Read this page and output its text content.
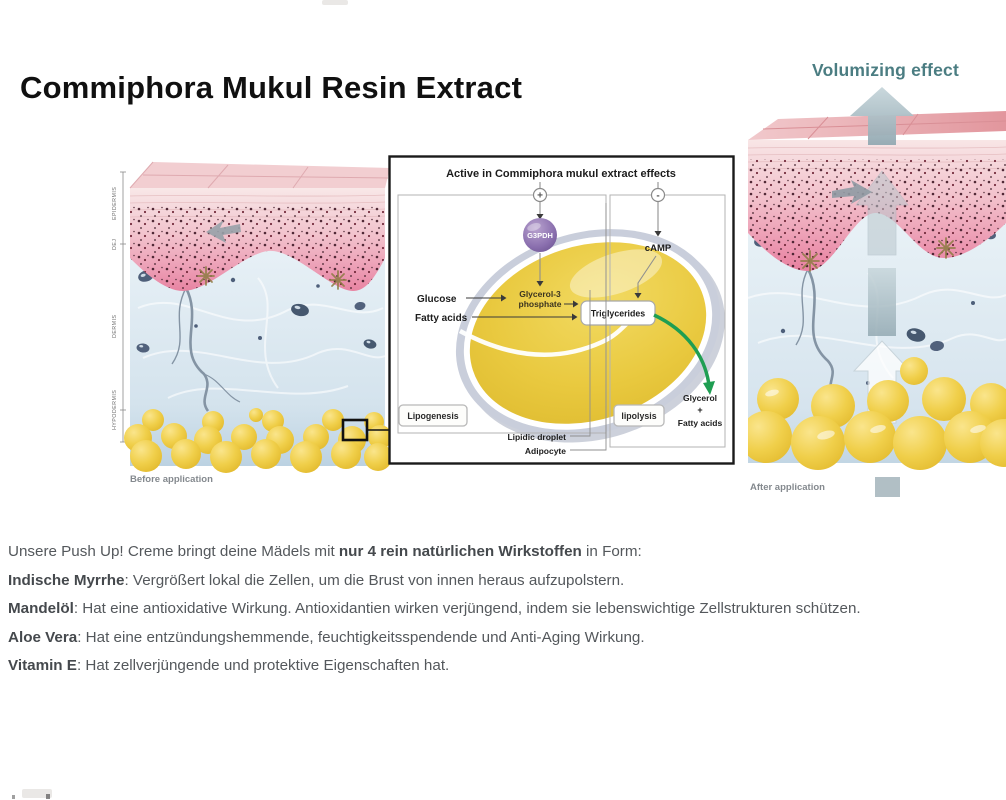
Commiphora Mukul Resin Extract	Volumizing effect
EPIDERMIS
DEJ
DERMIS
HYPODERMIS
Before application
Active in Commiphora mukul extract effects
+	-
G3PDH
cAMP
Glucose
Fatty acids
Glycerol-3
phosphate
Triglycerides
Glycerol
+
Fatty acids
Lipogenesis	lipolysis
Lipidic droplet
Adipocyte
After application

Unsere Push Up! Creme bringt deine Mädels mit nur 4 rein natürlichen Wirkstoffen in Form:

Indische Myrrhe: Vergrößert lokal die Zellen, um die Brust von innen heraus aufzupolstern.

Mandelöl: Hat eine antioxidative Wirkung. Antioxidantien wirken verjüngend, indem sie lebenswichtige Zellstrukturen schützen.

Aloe Vera: Hat eine entzündungshemmende, feuchtigkeitsspendende und Anti-Aging Wirkung.

Vitamin E: Hat zellverjüngende und protektive Eigenschaften hat.
